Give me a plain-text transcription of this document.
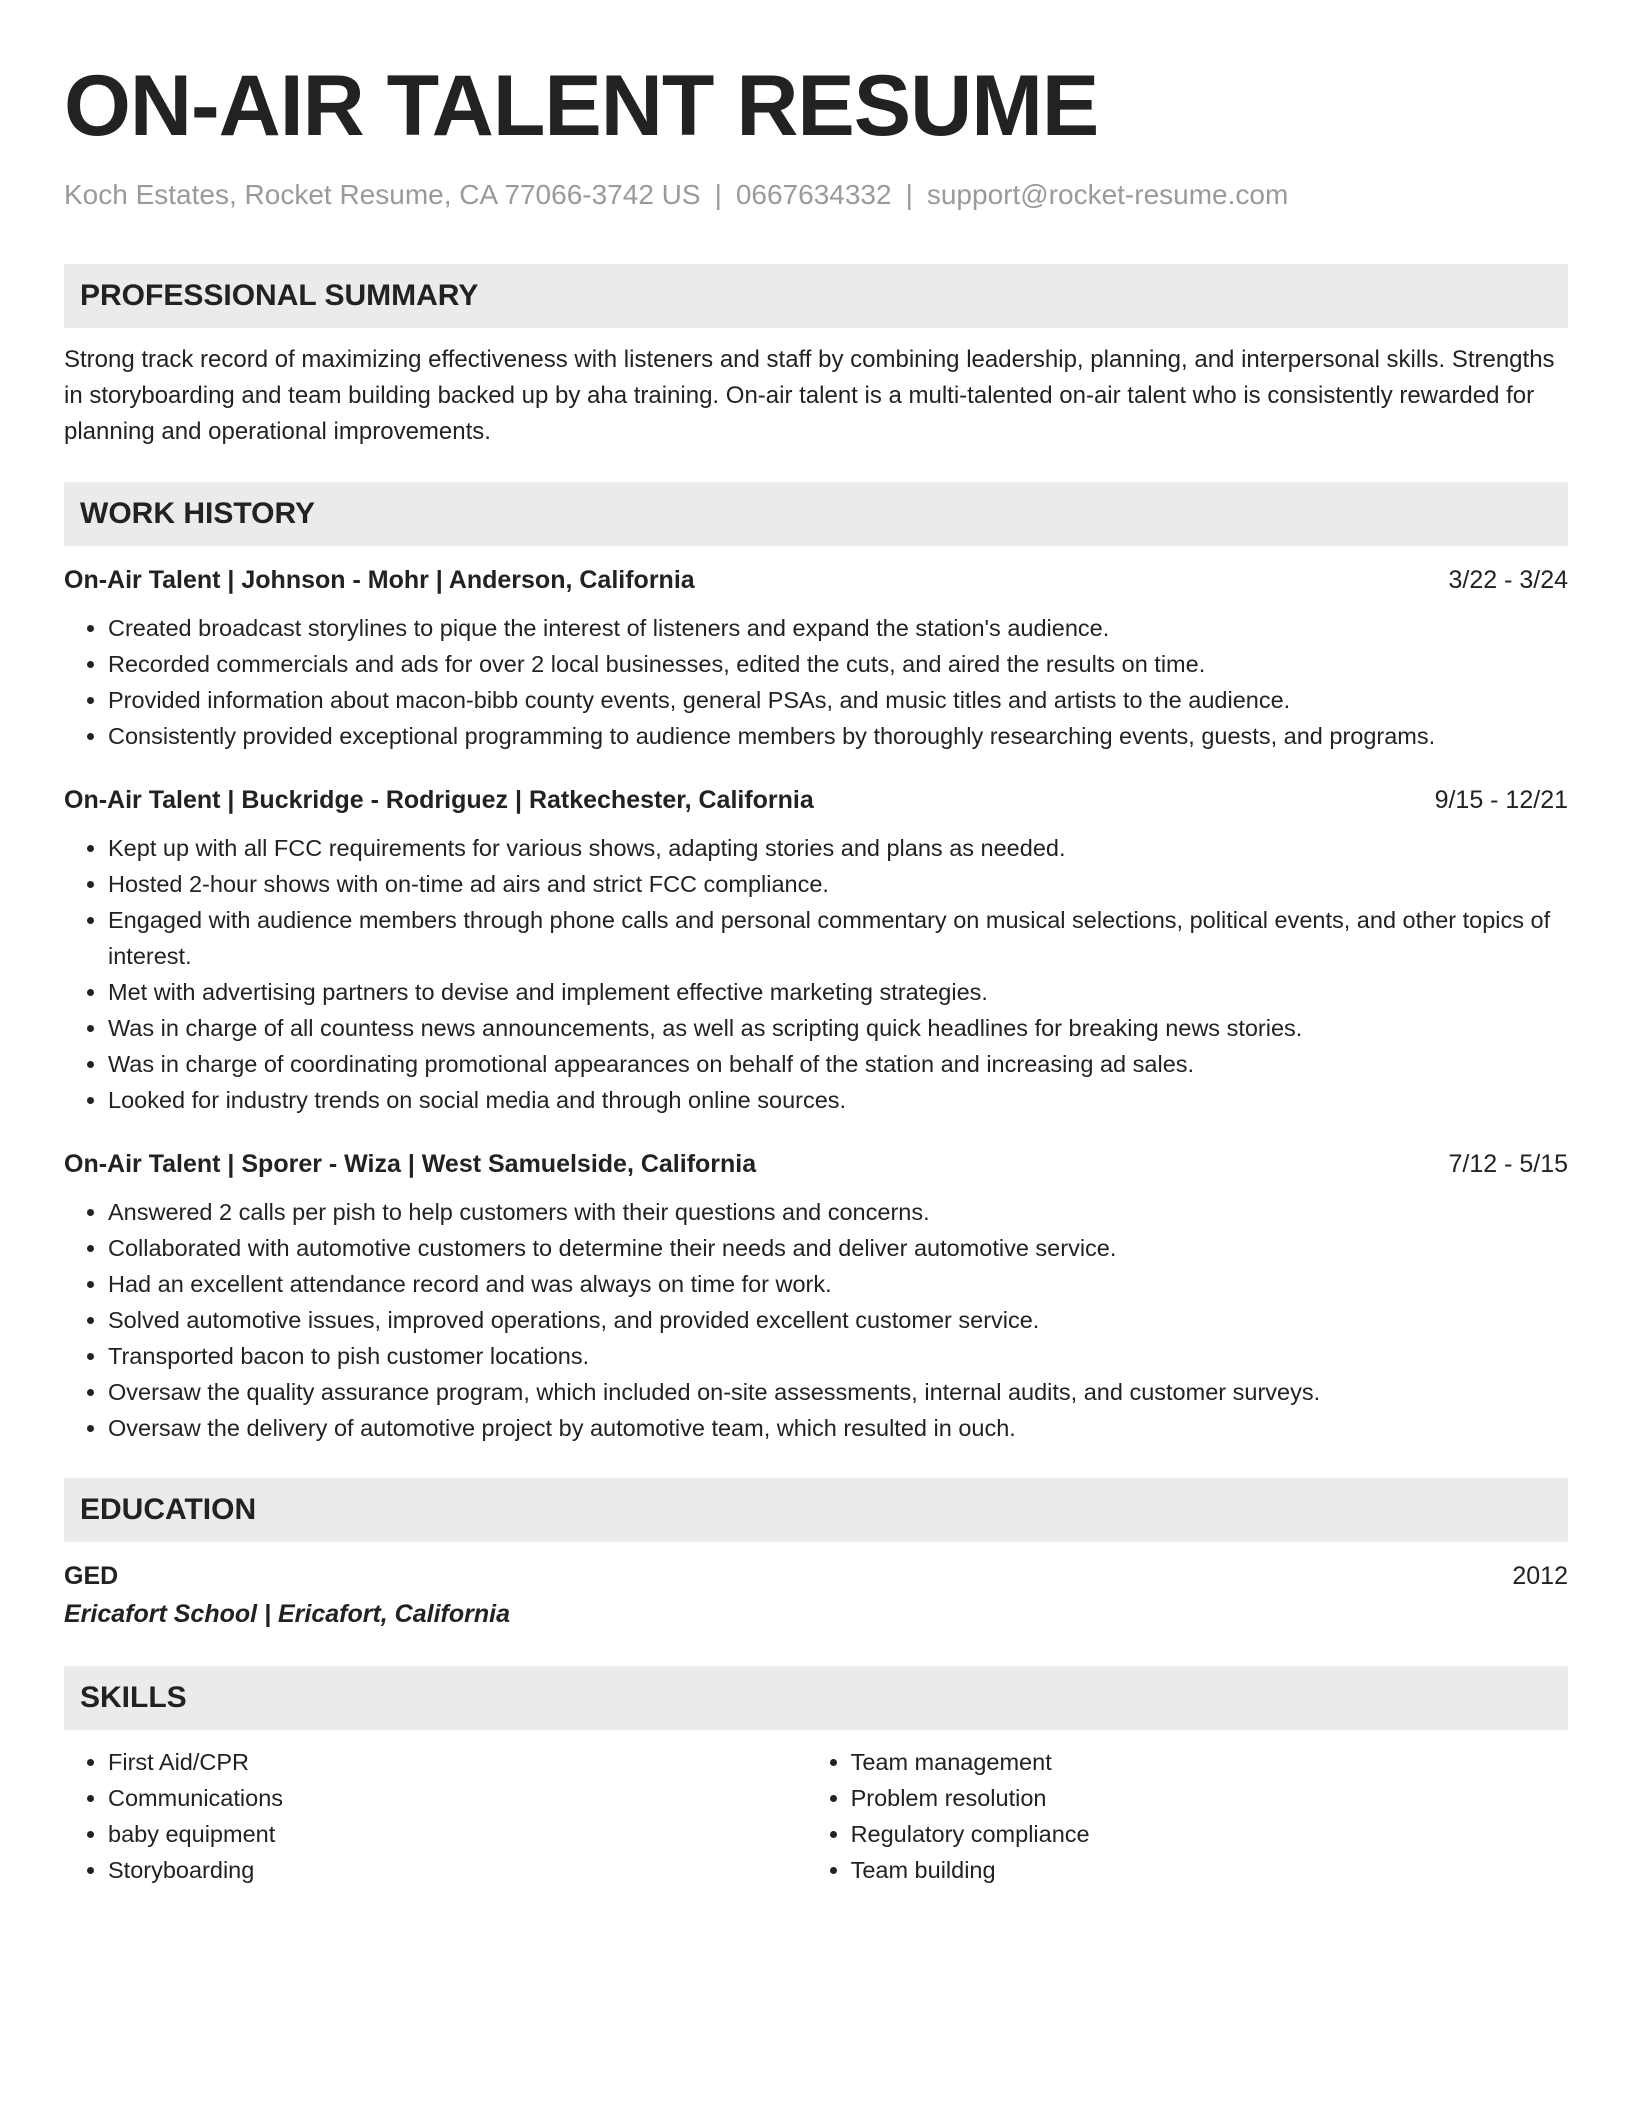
ON-AIR TALENT RESUME
Koch Estates, Rocket Resume, CA 77066-3742 US | 0667634332 | support@rocket-resume.com
PROFESSIONAL SUMMARY
Strong track record of maximizing effectiveness with listeners and staff by combining leadership, planning, and interpersonal skills. Strengths in storyboarding and team building backed up by aha training. On-air talent is a multi-talented on-air talent who is consistently rewarded for planning and operational improvements.
WORK HISTORY
On-Air Talent | Johnson - Mohr | Anderson, California	3/22 - 3/24
• Created broadcast storylines to pique the interest of listeners and expand the station's audience.
• Recorded commercials and ads for over 2 local businesses, edited the cuts, and aired the results on time.
• Provided information about macon-bibb county events, general PSAs, and music titles and artists to the audience.
• Consistently provided exceptional programming to audience members by thoroughly researching events, guests, and programs.
On-Air Talent | Buckridge - Rodriguez | Ratkechester, California	9/15 - 12/21
• Kept up with all FCC requirements for various shows, adapting stories and plans as needed.
• Hosted 2-hour shows with on-time ad airs and strict FCC compliance.
• Engaged with audience members through phone calls and personal commentary on musical selections, political events, and other topics of interest.
• Met with advertising partners to devise and implement effective marketing strategies.
• Was in charge of all countess news announcements, as well as scripting quick headlines for breaking news stories.
• Was in charge of coordinating promotional appearances on behalf of the station and increasing ad sales.
• Looked for industry trends on social media and through online sources.
On-Air Talent | Sporer - Wiza | West Samuelside, California	7/12 - 5/15
• Answered 2 calls per pish to help customers with their questions and concerns.
• Collaborated with automotive customers to determine their needs and deliver automotive service.
• Had an excellent attendance record and was always on time for work.
• Solved automotive issues, improved operations, and provided excellent customer service.
• Transported bacon to pish customer locations.
• Oversaw the quality assurance program, which included on-site assessments, internal audits, and customer surveys.
• Oversaw the delivery of automotive project by automotive team, which resulted in ouch.
EDUCATION
GED	2012
Ericafort School | Ericafort, California
SKILLS
• First Aid/CPR
• Communications
• baby equipment
• Storyboarding
• Team management
• Problem resolution
• Regulatory compliance
• Team building
